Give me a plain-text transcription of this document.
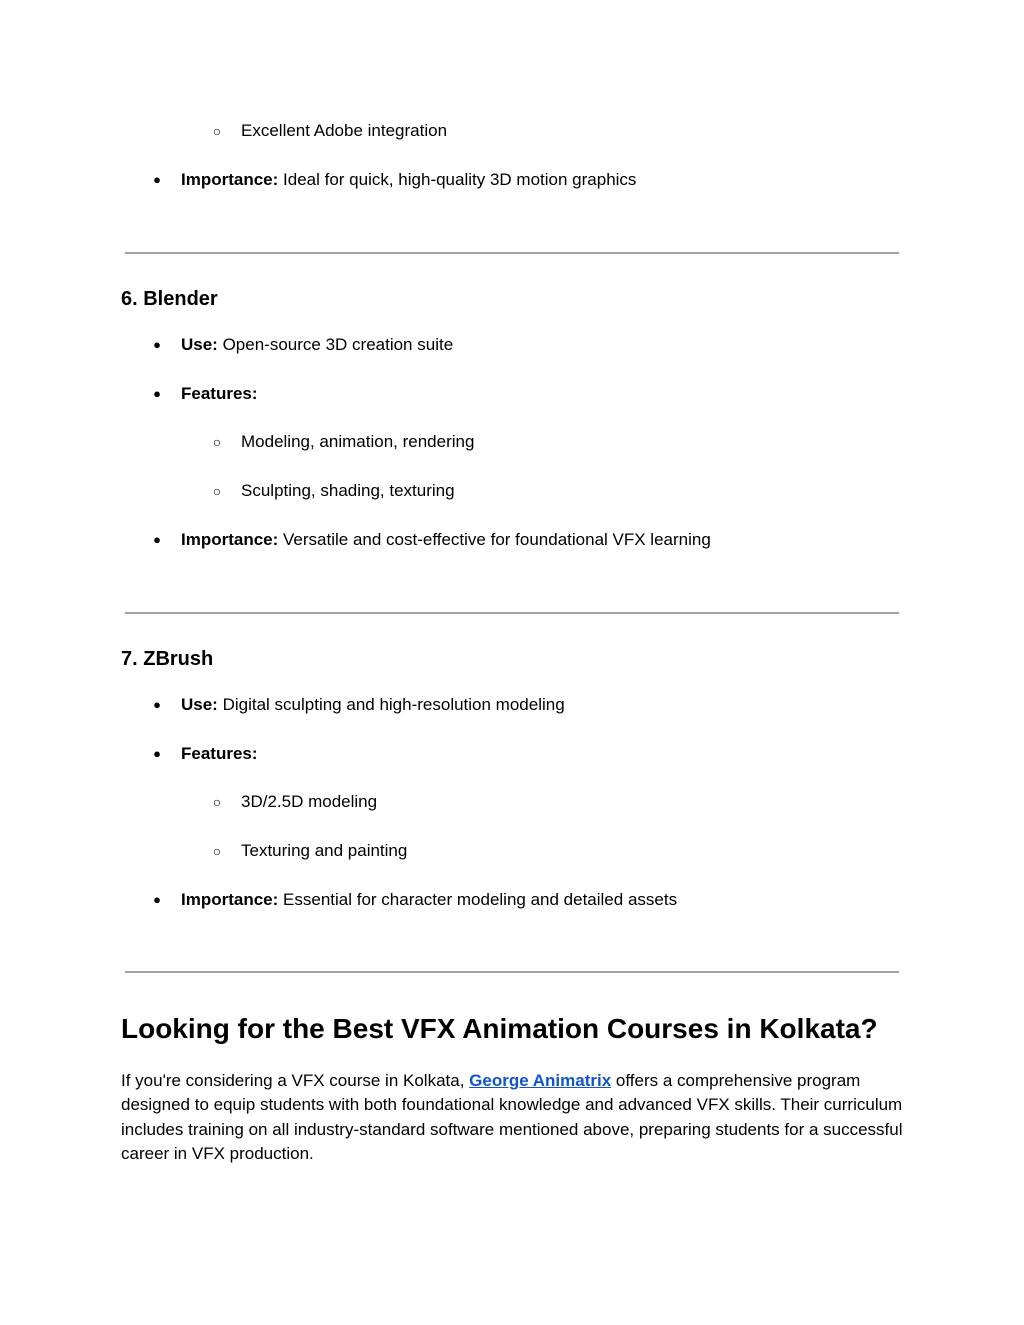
○	Excellent Adobe integration
●	Importance: Ideal for quick, high-quality 3D motion graphics
6. Blender
●	Use: Open-source 3D creation suite
●	Features:
○	Modeling, animation, rendering
○	Sculpting, shading, texturing
●	Importance: Versatile and cost-effective for foundational VFX learning
7. ZBrush
●	Use: Digital sculpting and high-resolution modeling
●	Features:
○	3D/2.5D modeling
○	Texturing and painting
●	Importance: Essential for character modeling and detailed assets
Looking for the Best VFX Animation Courses in Kolkata?
If you're considering a VFX course in Kolkata, George Animatrix offers a comprehensive program designed to equip students with both foundational knowledge and advanced VFX skills. Their curriculum includes training on all industry-standard software mentioned above, preparing students for a successful career in VFX production.
